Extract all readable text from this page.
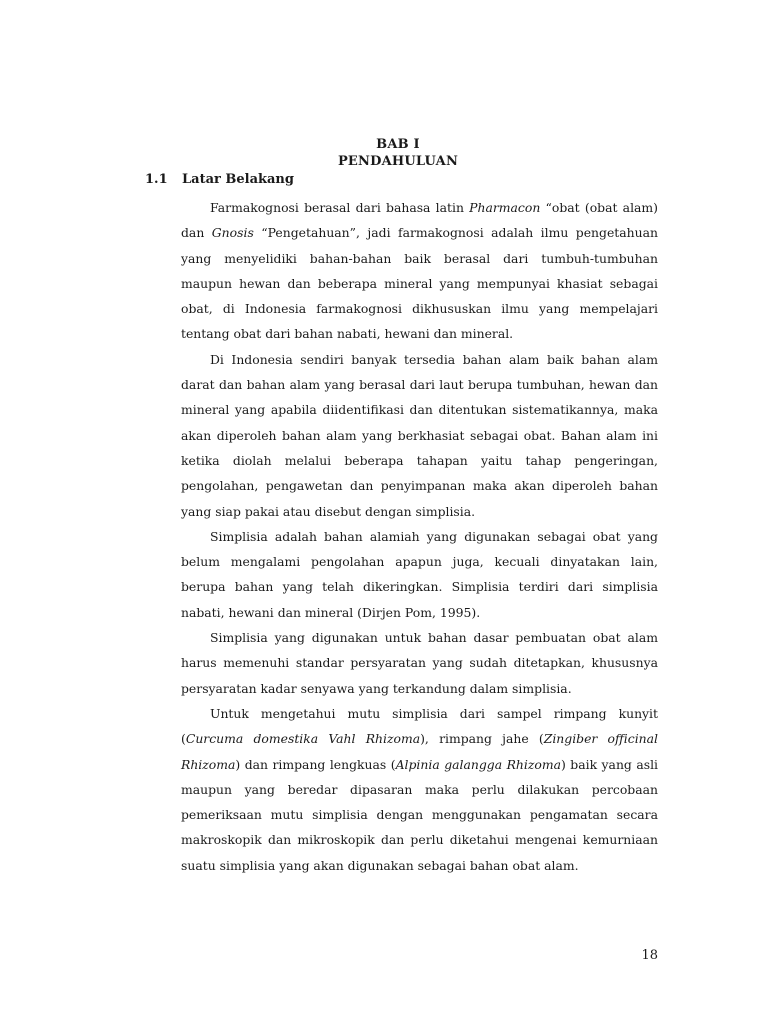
BAB I
PENDAHULUAN
1.1 Latar Belakang

Farmakognosi berasal dari bahasa latin Pharmacon “obat (obat alam) dan Gnosis “Pengetahuan”, jadi farmakognosi adalah ilmu pengetahuan yang menyelidiki bahan-bahan baik berasal dari tumbuh-tumbuhan maupun hewan dan beberapa mineral yang mempunyai khasiat sebagai obat, di Indonesia farmakognosi dikhususkan ilmu yang mempelajari tentang obat dari bahan nabati, hewani dan mineral.

Di Indonesia sendiri banyak tersedia bahan alam baik bahan alam darat dan bahan alam yang berasal dari laut berupa tumbuhan, hewan dan mineral yang apabila diidentifikasi dan ditentukan sistematikannya, maka akan diperoleh bahan alam yang berkhasiat sebagai obat. Bahan alam ini ketika diolah melalui beberapa tahapan yaitu tahap pengeringan, pengolahan, pengawetan dan penyimpanan maka akan diperoleh bahan yang siap pakai atau disebut dengan simplisia.

Simplisia adalah bahan alamiah yang digunakan sebagai obat yang belum mengalami pengolahan apapun juga, kecuali dinyatakan lain, berupa bahan yang telah dikeringkan. Simplisia terdiri dari simplisia nabati, hewani dan mineral (Dirjen Pom, 1995).

Simplisia yang digunakan untuk bahan dasar pembuatan obat alam harus memenuhi standar persyaratan yang sudah ditetapkan, khususnya persyaratan kadar senyawa yang terkandung dalam simplisia.

Untuk mengetahui mutu simplisia dari sampel rimpang kunyit (Curcuma domestika Vahl Rhizoma), rimpang jahe (Zingiber officinal Rhizoma) dan rimpang lengkuas (Alpinia galangga Rhizoma) baik yang asli maupun yang beredar dipasaran maka perlu dilakukan percobaan pemeriksaan mutu simplisia dengan menggunakan pengamatan secara makroskopik dan mikroskopik dan perlu diketahui mengenai kemurniaan suatu simplisia yang akan digunakan sebagai bahan obat alam.

18
